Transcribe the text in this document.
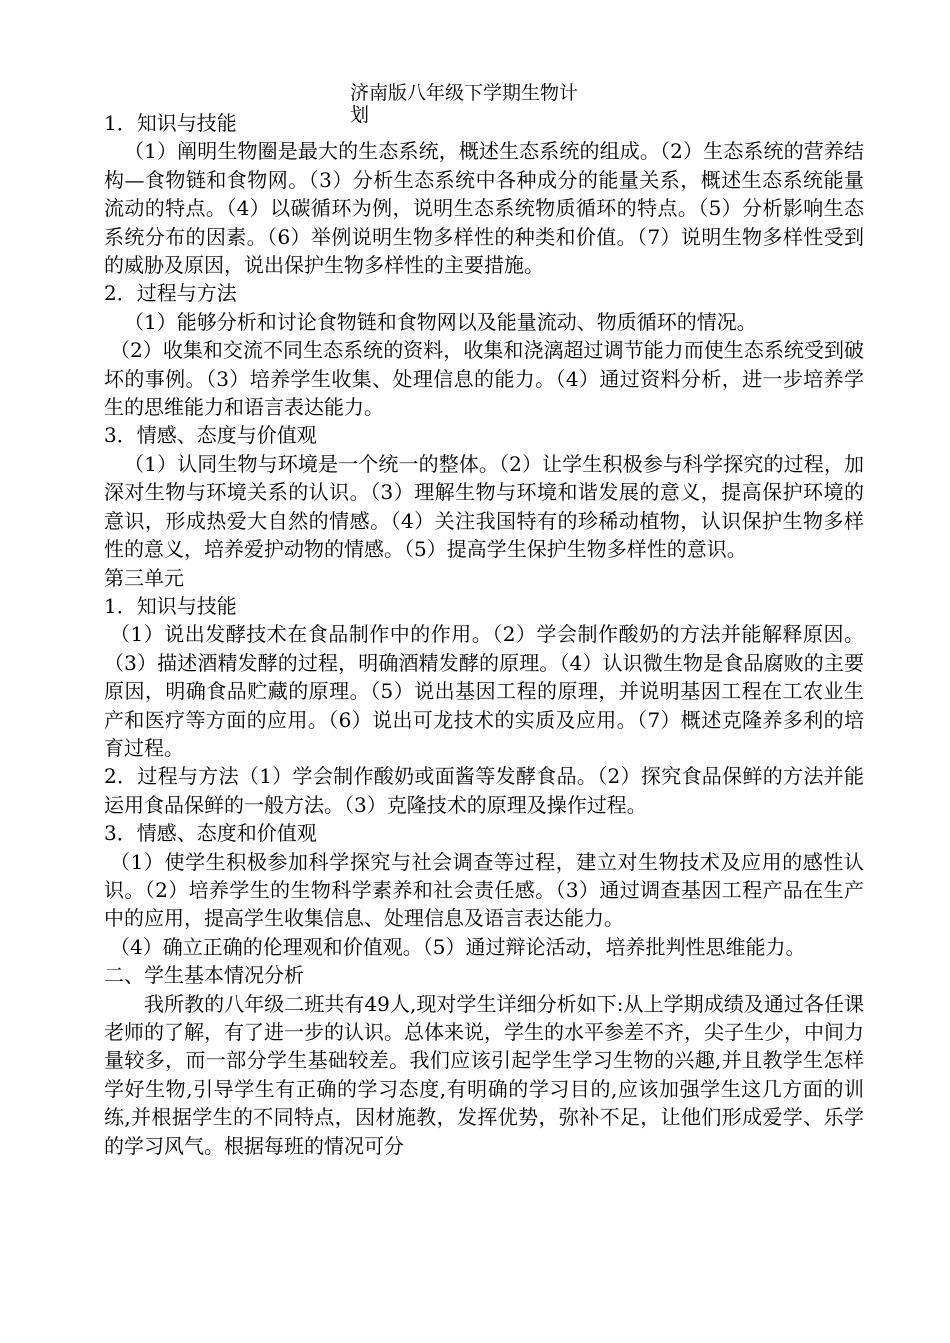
济南版八年级下学期生物计划

1．知识与技能

（1）阐明生物圈是最大的生态系统，概述生态系统的组成。（2）生态系统的营养结构—食物链和食物网。（3）分析生态系统中各种成分的能量关系，概述生态系统能量流动的特点。（4）以碳循环为例，说明生态系统物质循环的特点。（5）分析影响生态系统分布的因素。（6）举例说明生物多样性的种类和价值。（7）说明生物多样性受到的威胁及原因，说出保护生物多样性的主要措施。

2．过程与方法

（1）能够分析和讨论食物链和食物网以及能量流动、物质循环的情况。

（2）收集和交流不同生态系统的资料，收集和浇漓超过调节能力而使生态系统受到破坏的事例。（3）培养学生收集、处理信息的能力。（4）通过资料分析，进一步培养学生的思维能力和语言表达能力。

3．情感、态度与价值观

（1）认同生物与环境是一个统一的整体。（2）让学生积极参与科学探究的过程，加深对生物与环境关系的认识。（3）理解生物与环境和谐发展的意义，提高保护环境的意识，形成热爱大自然的情感。（4）关注我国特有的珍稀动植物，认识保护生物多样性的意义，培养爱护动物的情感。（5）提高学生保护生物多样性的意识。

第三单元

1．知识与技能

（1）说出发酵技术在食品制作中的作用。（2）学会制作酸奶的方法并能解释原因。（3）描述酒精发酵的过程，明确酒精发酵的原理。（4）认识微生物是食品腐败的主要原因，明确食品贮藏的原理。（5）说出基因工程的原理，并说明基因工程在工农业生产和医疗等方面的应用。（6）说出可龙技术的实质及应用。（7）概述克隆养多利的培育过程。

2．过程与方法（1）学会制作酸奶或面酱等发酵食品。（2）探究食品保鲜的方法并能运用食品保鲜的一般方法。（3）克隆技术的原理及操作过程。

3．情感、态度和价值观

（1）使学生积极参加科学探究与社会调查等过程，建立对生物技术及应用的感性认识。（2）培养学生的生物科学素养和社会责任感。（3）通过调查基因工程产品在生产中的应用，提高学生收集信息、处理信息及语言表达能力。

（4）确立正确的伦理观和价值观。（5）通过辩论活动，培养批判性思维能力。

二、学生基本情况分析

我所教的八年级二班共有49人,现对学生详细分析如下:从上学期成绩及通过各任课老师的了解，有了进一步的认识。总体来说，学生的水平参差不齐，尖子生少，中间力量较多，而一部分学生基础较差。我们应该引起学生学习生物的兴趣,并且教学生怎样学好生物,引导学生有正确的学习态度,有明确的学习目的,应该加强学生这几方面的训练,并根据学生的不同特点，因材施教，发挥优势，弥补不足，让他们形成爱学、乐学的学习风气。根据每班的情况可分
